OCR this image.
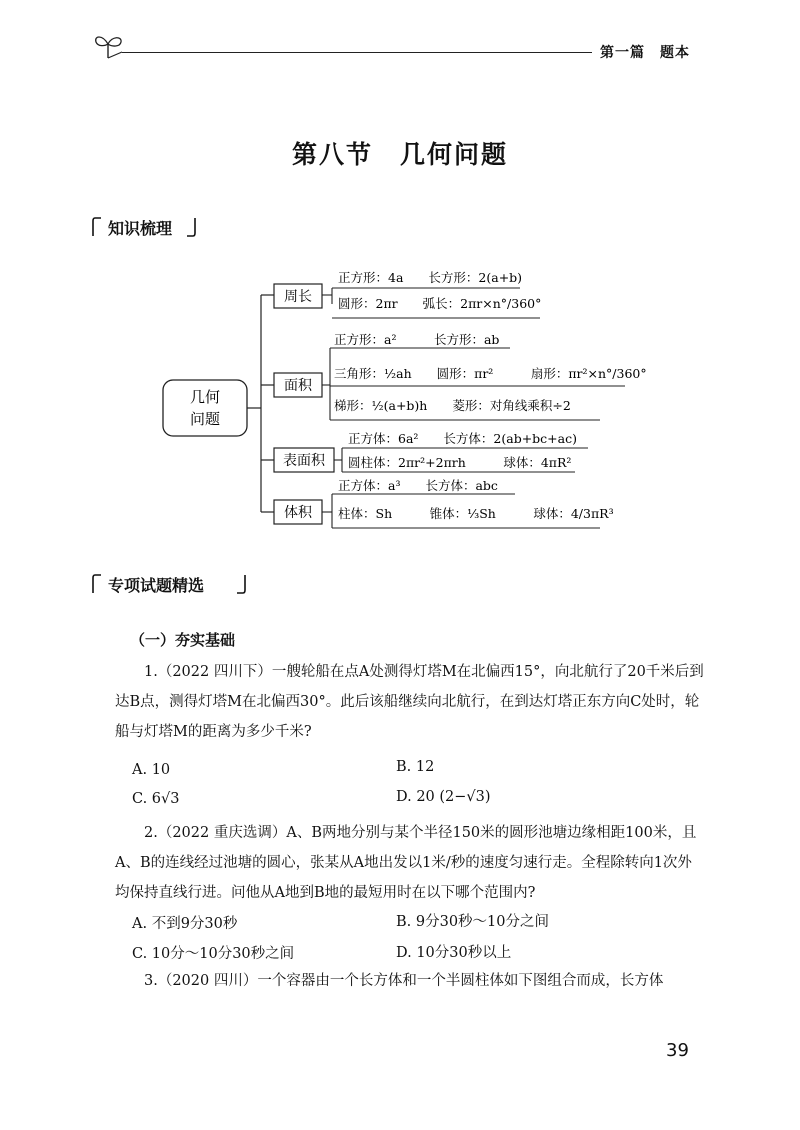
第一篇　题本
第八节　几何问题
知识梳理
几何
问题
周长
正方形：4a　　长方形：2(a+b)
圆形：2πr　　弧长：2πr×n°/360°
面积
正方形：a²　　　长方形：ab
三角形：½ah　　圆形：πr²　　　扇形：πr²×n°/360°
梯形：½(a+b)h　　菱形：对角线乘积÷2
表面积
正方体：6a²　　长方体：2(ab+bc+ac)
圆柱体：2πr²+2πrh　　　球体：4πR²
体积
正方体：a³　　长方体：abc
柱体：Sh　　　锥体：⅓Sh　　　球体：4/3πR³
专项试题精选
（一）夯实基础
1.（2022 四川下）一艘轮船在点A处测得灯塔M在北偏西15°，向北航行了20千米后到达B点，测得灯塔M在北偏西30°。此后该船继续向北航行，在到达灯塔正东方向C处时，轮船与灯塔M的距离为多少千米?
A. 10	B. 12
C. 6√3	D. 20 (2−√3)
2.（2022 重庆选调）A、B两地分别与某个半径150米的圆形池塘边缘相距100米，且A、B的连线经过池塘的圆心，张某从A地出发以1米/秒的速度匀速行走。全程除转向1次外均保持直线行进。问他从A地到B地的最短用时在以下哪个范围内?
A. 不到9分30秒	B. 9分30秒～10分之间
C. 10分～10分30秒之间	D. 10分30秒以上
3.（2020 四川）一个容器由一个长方体和一个半圆柱体如下图组合而成，长方体
39
